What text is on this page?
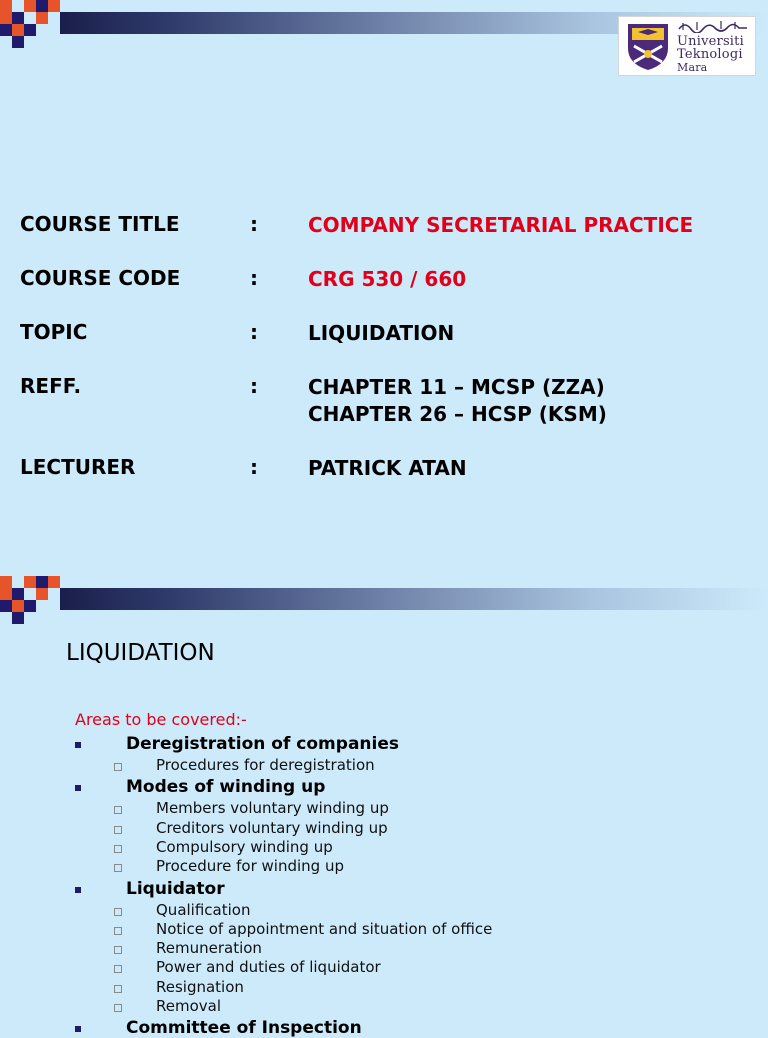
Universiti
Teknologi
Mara
COURSE TITLE	:	COMPANY SECRETARIAL PRACTICE
COURSE CODE	:	CRG 530 / 660
TOPIC	:	LIQUIDATION
REFF.	:	CHAPTER 11 – MCSP (ZZA)
CHAPTER 26 – HCSP (KSM)
LECTURER	:	PATRICK ATAN
LIQUIDATION
Areas to be covered:-
Deregistration of companies
Procedures for deregistration
Modes of winding up
Members voluntary winding up
Creditors voluntary winding up
Compulsory winding up
Procedure for winding up
Liquidator
Qualification
Notice of appointment and situation of office
Remuneration
Power and duties of liquidator
Resignation
Removal
Committee of Inspection
